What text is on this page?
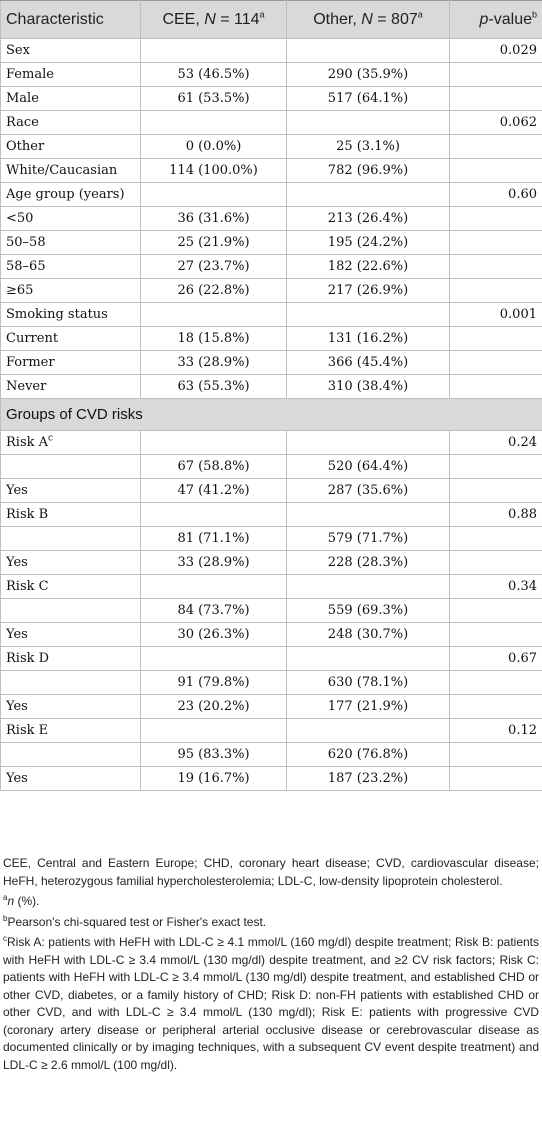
Characteristic	CEE, $N = 114^a$	Other, $N = 807^a$	p-value$^b$
Sex			0.029
Female	53 (46.5%)	290 (35.9%)	
Male	61 (53.5%)	517 (64.1%)	
Race			0.062
Other	0 (0.0%)	25 (3.1%)	
White/Caucasian	114 (100.0%)	782 (96.9%)	
Age group (years)			0.60
<50	36 (31.6%)	213 (26.4%)	
50–58	25 (21.9%)	195 (24.2%)	
58–65	27 (23.7%)	182 (22.6%)	
≥65	26 (22.8%)	217 (26.9%)	
Smoking status			0.001
Current	18 (15.8%)	131 (16.2%)	
Former	33 (28.9%)	366 (45.4%)	
Never	63 (55.3%)	310 (38.4%)	
Groups of CVD risks			
Risk $A^c$			0.24
	67 (58.8%)	520 (64.4%)	
Yes	47 (41.2%)	287 (35.6%)	
Risk B			0.88
	81 (71.1%)	579 (71.7%)	
Yes	33 (28.9%)	228 (28.3%)	
Risk C			0.34
	84 (73.7%)	559 (69.3%)	
Yes	30 (26.3%)	248 (30.7%)	
Risk D			0.67
	91 (79.8%)	630 (78.1%)	
Yes	23 (20.2%)	177 (21.9%)	
Risk E			0.12
	95 (83.3%)	620 (76.8%)	
Yes	19 (16.7%)	187 (23.2%)	

CEE, Central and Eastern Europe; CHD, coronary heart disease; CVD, cardiovascular disease; HeFH, heterozygous familial hypercholesterolemia; LDL-C, low-density lipoprotein cholesterol.

$^a$n (%).

$^b$Pearson's chi-squared test or Fisher's exact test.

$^c$Risk A: patients with HeFH with LDL-C ≥ 4.1 mmol/L (160 mg/dl) despite treatment; Risk B: patients with HeFH with LDL-C ≥ 3.4 mmol/L (130 mg/dl) despite treatment, and ≥2 CV risk factors; Risk C: patients with HeFH with LDL-C ≥ 3.4 mmol/L (130 mg/dl) despite treatment, and established CHD or other CVD, diabetes, or a family history of CHD; Risk D: non-FH patients with established CHD or other CVD, and with LDL-C ≥ 3.4 mmol/L (130 mg/dl); Risk E: patients with progressive CVD (coronary artery disease or peripheral arterial occlusive disease or cerebrovascular disease as documented clinically or by imaging techniques, with a subsequent CV event despite treatment) and LDL-C ≥ 2.6 mmol/L (100 mg/dl).
